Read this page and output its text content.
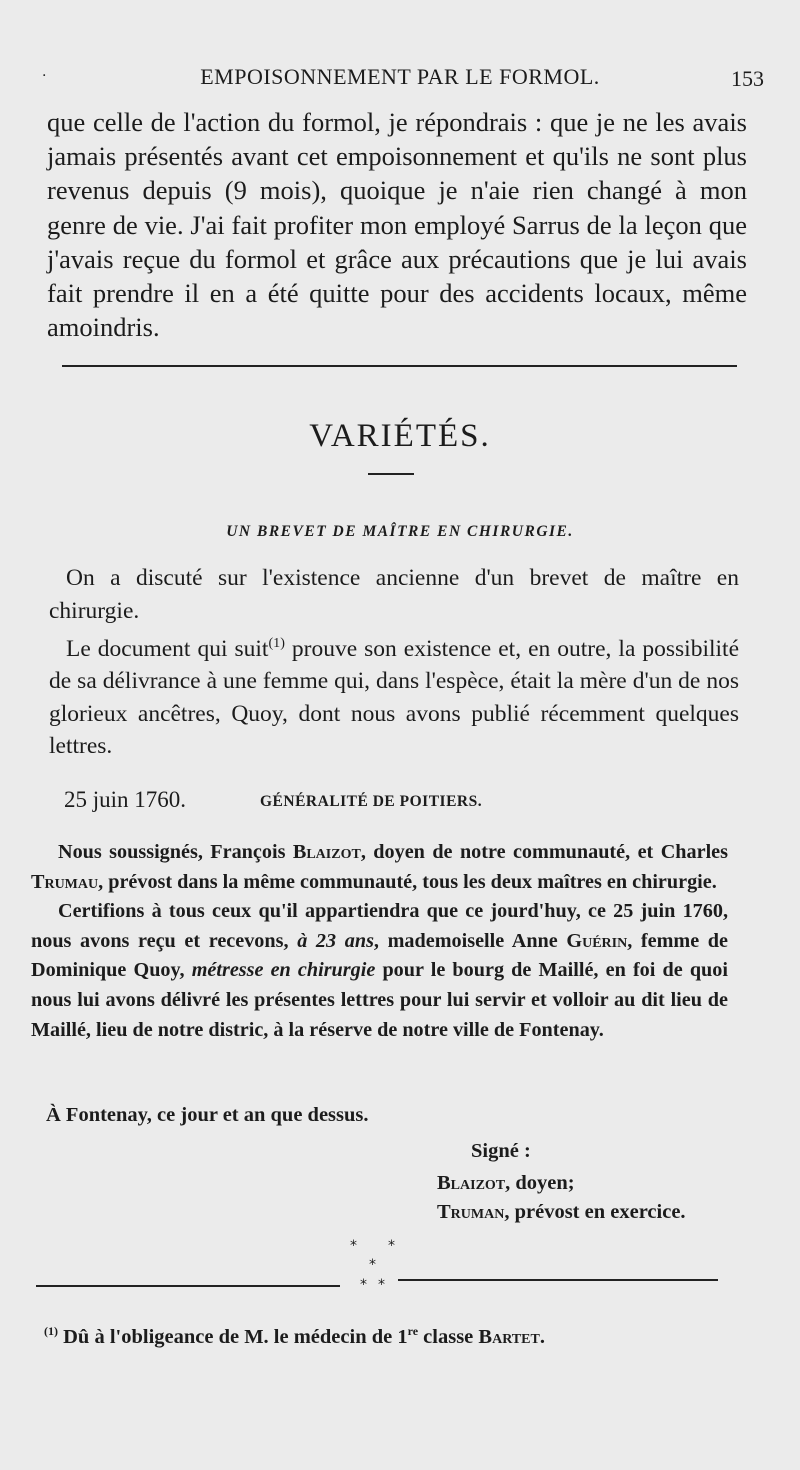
·	EMPOISONNEMENT PAR LE FORMOL.	153
que celle de l'action du formol, je répondrais : que je ne les avais jamais présentés avant cet empoisonnement et qu'ils ne sont plus revenus depuis (9 mois), quoique je n'aie rien changé à mon genre de vie. J'ai fait profiter mon employé Sarrus de la leçon que j'avais reçue du formol et grâce aux précautions que je lui avais fait prendre il en a été quitte pour des accidents locaux, même amoindris.
VARIÉTÉS.
UN BREVET DE MAÎTRE EN CHIRURGIE.

On a discuté sur l'existence ancienne d'un brevet de maître en chirurgie.

Le document qui suit$^{(1)}$ prouve son existence et, en outre, la possibilité de sa délivrance à une femme qui, dans l'espèce, était la mère d'un de nos glorieux ancêtres, Quoy, dont nous avons publié récemment quelques lettres.

25 juin 1760.	GÉNÉRALITÉ DE POITIERS.

Nous soussignés, François Blaizot, doyen de notre communauté, et Charles Trumau, prévost dans la même communauté, tous les deux maîtres en chirurgie.

Certifions à tous ceux qu'il appartiendra que ce jourd'huy, ce 25 juin 1760, nous avons reçu et recevons, à 23 ans, mademoiselle Anne Guérin, femme de Dominique Quoy, métresse en chirurgie pour le bourg de Maillé, en foi de quoi nous lui avons délivré les présentes lettres pour lui servir et volloir au dit lieu de Maillé, lieu de notre distric, à la réserve de notre ville de Fontenay.

À Fontenay, ce jour et an que dessus.
Signé :
Blaizot, doyen;
Truman, prévost en exercice.
* *
*
* *
$^{(1)}$ Dû à l'obligeance de M. le médecin de 1re classe Bartet.
